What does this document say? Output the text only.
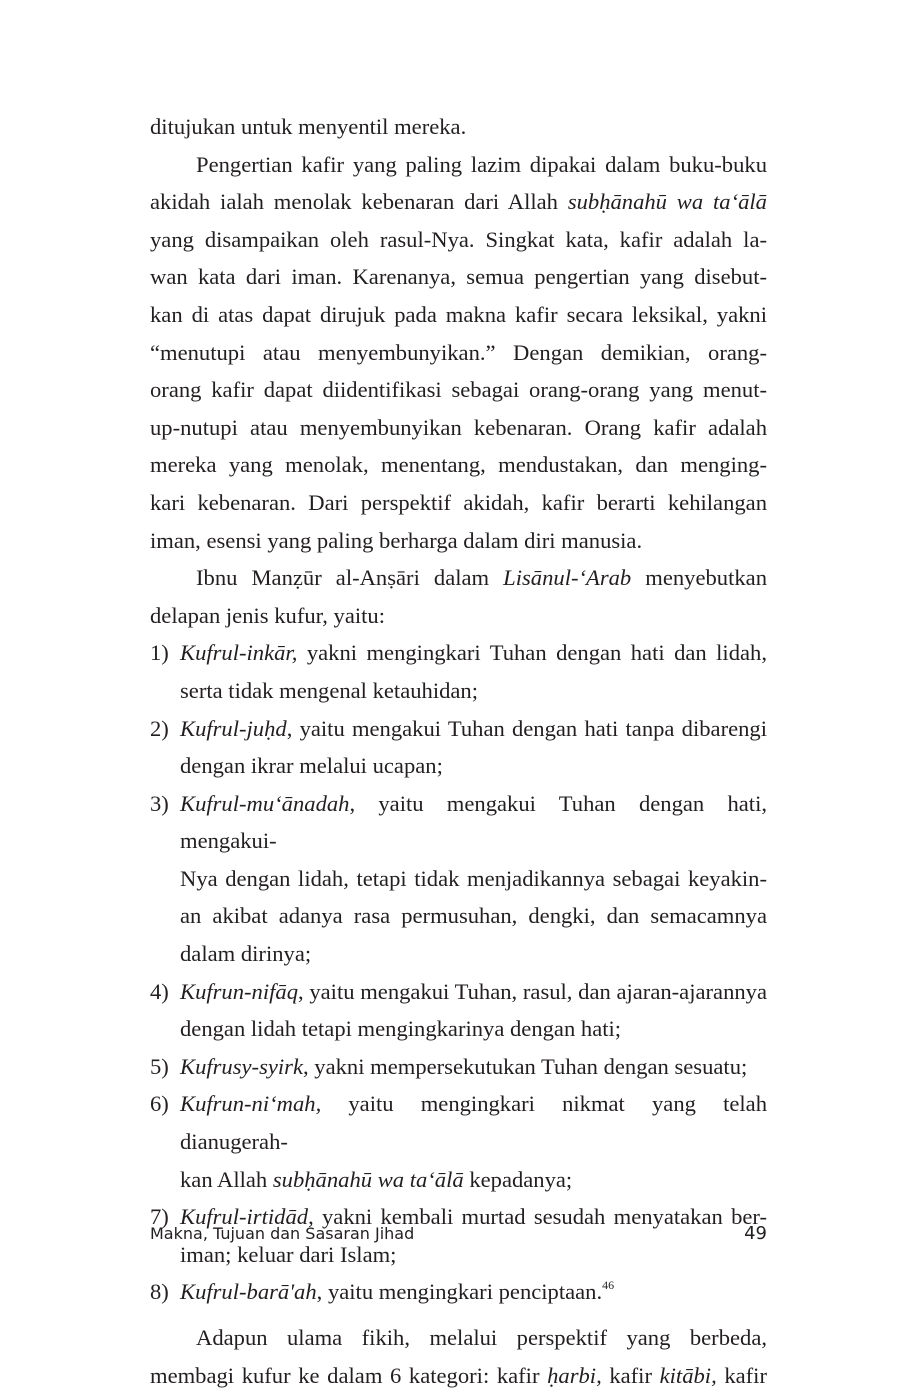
ditujukan untuk menyentil mereka.
Pengertian kafir yang paling lazim dipakai dalam buku-buku
akidah ialah menolak kebenaran dari Allah subḥānahū wa ta‘ālā
yang disampaikan oleh rasul-Nya. Singkat kata, kafir adalah la-
wan kata dari iman. Karenanya, semua pengertian yang disebut-
kan di atas dapat dirujuk pada makna kafir secara leksikal, yakni
“menutupi atau menyembunyikan.” Dengan demikian, orang-
orang kafir dapat diidentifikasi sebagai orang-orang yang menut-
up-nutupi atau menyembunyikan kebenaran. Orang kafir adalah
mereka yang menolak, menentang, mendustakan, dan menging-
kari kebenaran. Dari perspektif akidah, kafir berarti kehilangan
iman, esensi yang paling berharga dalam diri manusia.
Ibnu Manẓūr al-Anṣāri dalam Lisānul-‘Arab menyebutkan
delapan jenis kufur, yaitu:
1) Kufrul-inkār, yakni mengingkari Tuhan dengan hati dan lidah,
serta tidak mengenal ketauhidan;
2) Kufrul-juḥd, yaitu mengakui Tuhan dengan hati tanpa dibarengi
dengan ikrar melalui ucapan;
3) Kufrul-mu‘ānadah, yaitu mengakui Tuhan dengan hati, mengakui-
Nya dengan lidah, tetapi tidak menjadikannya sebagai keyakin-
an akibat adanya rasa permusuhan, dengki, dan semacamnya
dalam dirinya;
4) Kufrun-nifāq, yaitu mengakui Tuhan, rasul, dan ajaran-ajarannya
dengan lidah tetapi mengingkarinya dengan hati;
5) Kufrusy-syirk, yakni mempersekutukan Tuhan dengan sesuatu;
6) Kufrun-ni‘mah, yaitu mengingkari nikmat yang telah dianugerah-
kan Allah subḥānahū wa ta‘ālā kepadanya;
7) Kufrul-irtidād, yakni kembali murtad sesudah menyatakan ber-
iman; keluar dari Islam;
8) Kufrul-barā'ah, yaitu mengingkari penciptaan.$^{46}$
Adapun ulama fikih, melalui perspektif yang berbeda,
membagi kufur ke dalam 6 kategori: kafir ḥarbi, kafir kitābi, kafir
Makna, Tujuan dan Sasaran Jihad	49
